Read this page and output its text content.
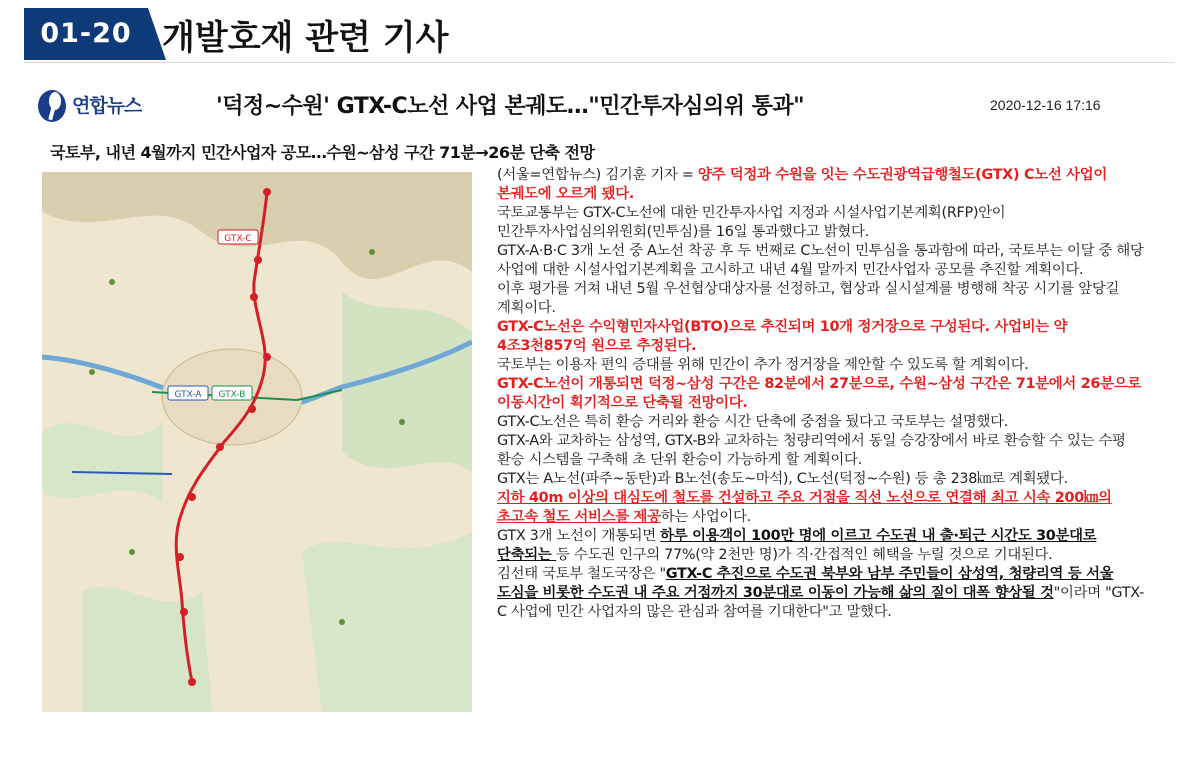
01-20 개발호재 관련 기사
연합뉴스	'덕정~수원' GTX-C노선 사업 본궤도…"민간투자심의위 통과"	2020-12-16 17:16
국토부, 내년 4월까지 민간사업자 공모…수원~삼성 구간 71분→26분 단축 전망
GTX-C
GTX-A GTX-B

(서울=연합뉴스) 김기훈 기자 = 양주 덕정과 수원을 잇는 수도권광역급행철도(GTX) C노선 사업이 본궤도에 오르게 됐다.

국토교통부는 GTX-C노선에 대한 민간투자사업 지정과 시설사업기본계획(RFP)안이 민간투자사업심의위원회(민투심)를 16일 통과했다고 밝혔다.

GTX-A·B·C 3개 노선 중 A노선 착공 후 두 번째로 C노선이 민투심을 통과함에 따라, 국토부는 이달 중 해당 사업에 대한 시설사업기본계획을 고시하고 내년 4월 말까지 민간사업자 공모를 추진할 계획이다.

이후 평가를 거쳐 내년 5월 우선협상대상자를 선정하고, 협상과 실시설계를 병행해 착공 시기를 앞당길 계획이다.

GTX-C노선은 수익형민자사업(BTO)으로 추진되며 10개 정거장으로 구성된다. 사업비는 약 4조3천857억 원으로 추정된다.

국토부는 이용자 편익 증대를 위해 민간이 추가 정거장을 제안할 수 있도록 할 계획이다.

GTX-C노선이 개통되면 덕정~삼성 구간은 82분에서 27분으로, 수원~삼성 구간은 71분에서 26분으로 이동시간이 획기적으로 단축될 전망이다.

GTX-C노선은 특히 환승 거리와 환승 시간 단축에 중점을 뒀다고 국토부는 설명했다.

GTX-A와 교차하는 삼성역, GTX-B와 교차하는 청량리역에서 동일 승강장에서 바로 환승할 수 있는 수평 환승 시스템을 구축해 초 단위 환승이 가능하게 할 계획이다.

GTX는 A노선(파주~동탄)과 B노선(송도~마석), C노선(덕정~수원) 등 총 238㎞로 계획됐다.

지하 40m 이상의 대심도에 철도를 건설하고 주요 거점을 직선 노선으로 연결해 최고 시속 200㎞의 초고속 철도 서비스를 제공하는 사업이다.

GTX 3개 노선이 개통되면 하루 이용객이 100만 명에 이르고 수도권 내 출·퇴근 시간도 30분대로 단축되는 등 수도권 인구의 77%(약 2천만 명)가 직·간접적인 혜택을 누릴 것으로 기대된다.

김선태 국토부 철도국장은 "GTX-C 추진으로 수도권 북부와 남부 주민들이 삼성역, 청량리역 등 서울 도심을 비롯한 수도권 내 주요 거점까지 30분대로 이동이 가능해 삶의 질이 대폭 향상될 것"이라며 "GTX-C 사업에 민간 사업자의 많은 관심과 참여를 기대한다"고 말했다.
